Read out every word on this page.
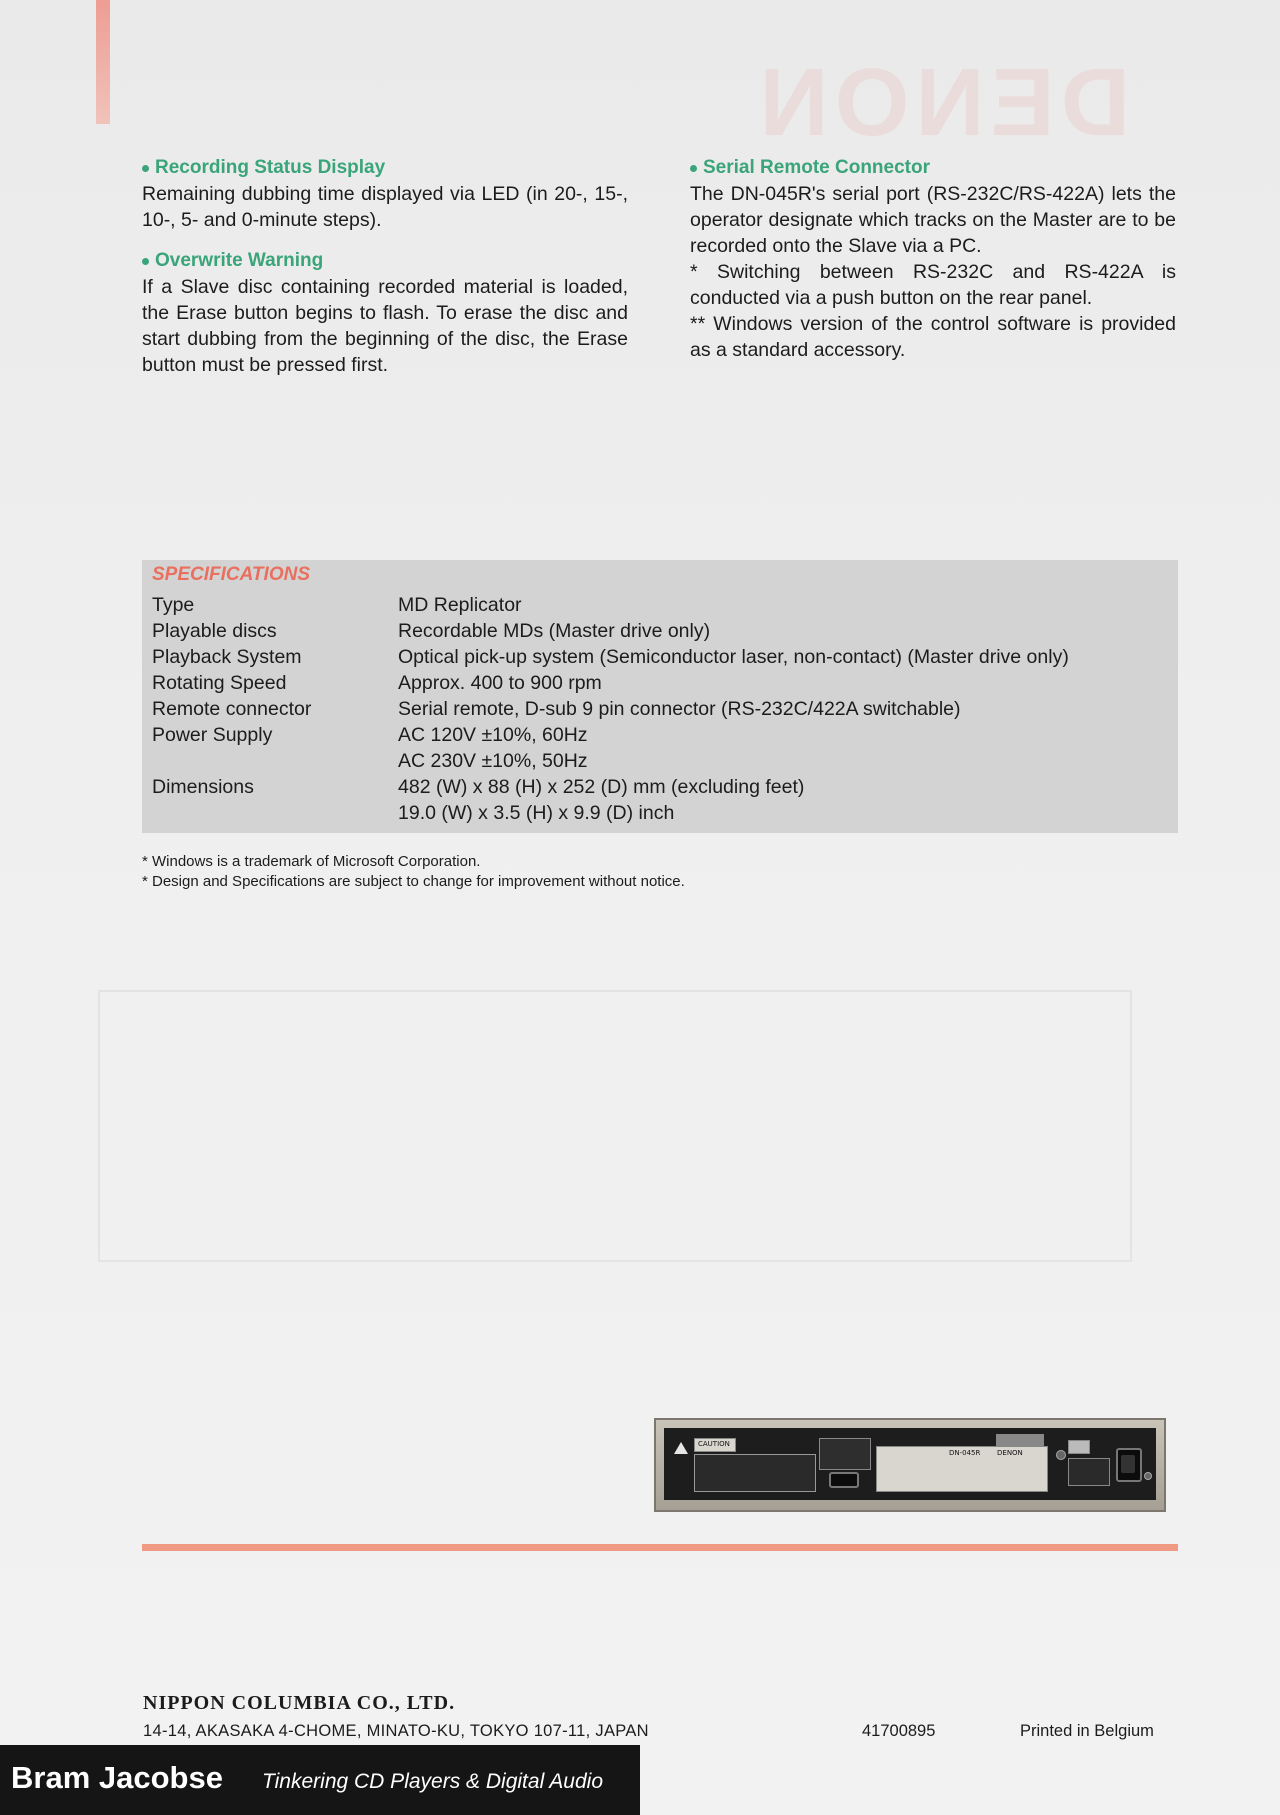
DENON
Recording Status Display

Remaining dubbing time displayed via LED (in 20-, 15-, 10-, 5- and 0-minute steps).

Overwrite Warning

If a Slave disc containing recorded material is loaded, the Erase button begins to flash. To erase the disc and start dubbing from the beginning of the disc, the Erase button must be pressed first.

Serial Remote Connector

The DN-045R's serial port (RS-232C/RS-422A) lets the operator designate which tracks on the Master are to be recorded onto the Slave via a PC.

* Switching between RS-232C and RS-422A is conducted via a push button on the rear panel.

** Windows version of the control software is provided as a standard accessory.

SPECIFICATIONS
Type	MD Replicator
Playable discs	Recordable MDs (Master drive only)
Playback System	Optical pick-up system (Semiconductor laser, non-contact) (Master drive only)
Rotating Speed	Approx. 400 to 900 rpm
Remote connector	Serial remote, D-sub 9 pin connector (RS-232C/422A switchable)
Power Supply	AC 120V ±10%, 60Hz
AC 230V ±10%, 50Hz
Dimensions	482 (W) x 88 (H) x 252 (D) mm (excluding feet)
19.0 (W) x 3.5 (H) x 9.9 (D) inch
* Windows is a trademark of Microsoft Corporation.
* Design and Specifications are subject to change for improvement without notice.
CAUTION
DN-045R DENON
NIPPON COLUMBIA CO., LTD.
14-14, AKASAKA 4-CHOME, MINATO-KU, TOKYO 107-11, JAPAN	41700895	Printed in Belgium
Bram Jacobse Tinkering CD Players & Digital Audio
